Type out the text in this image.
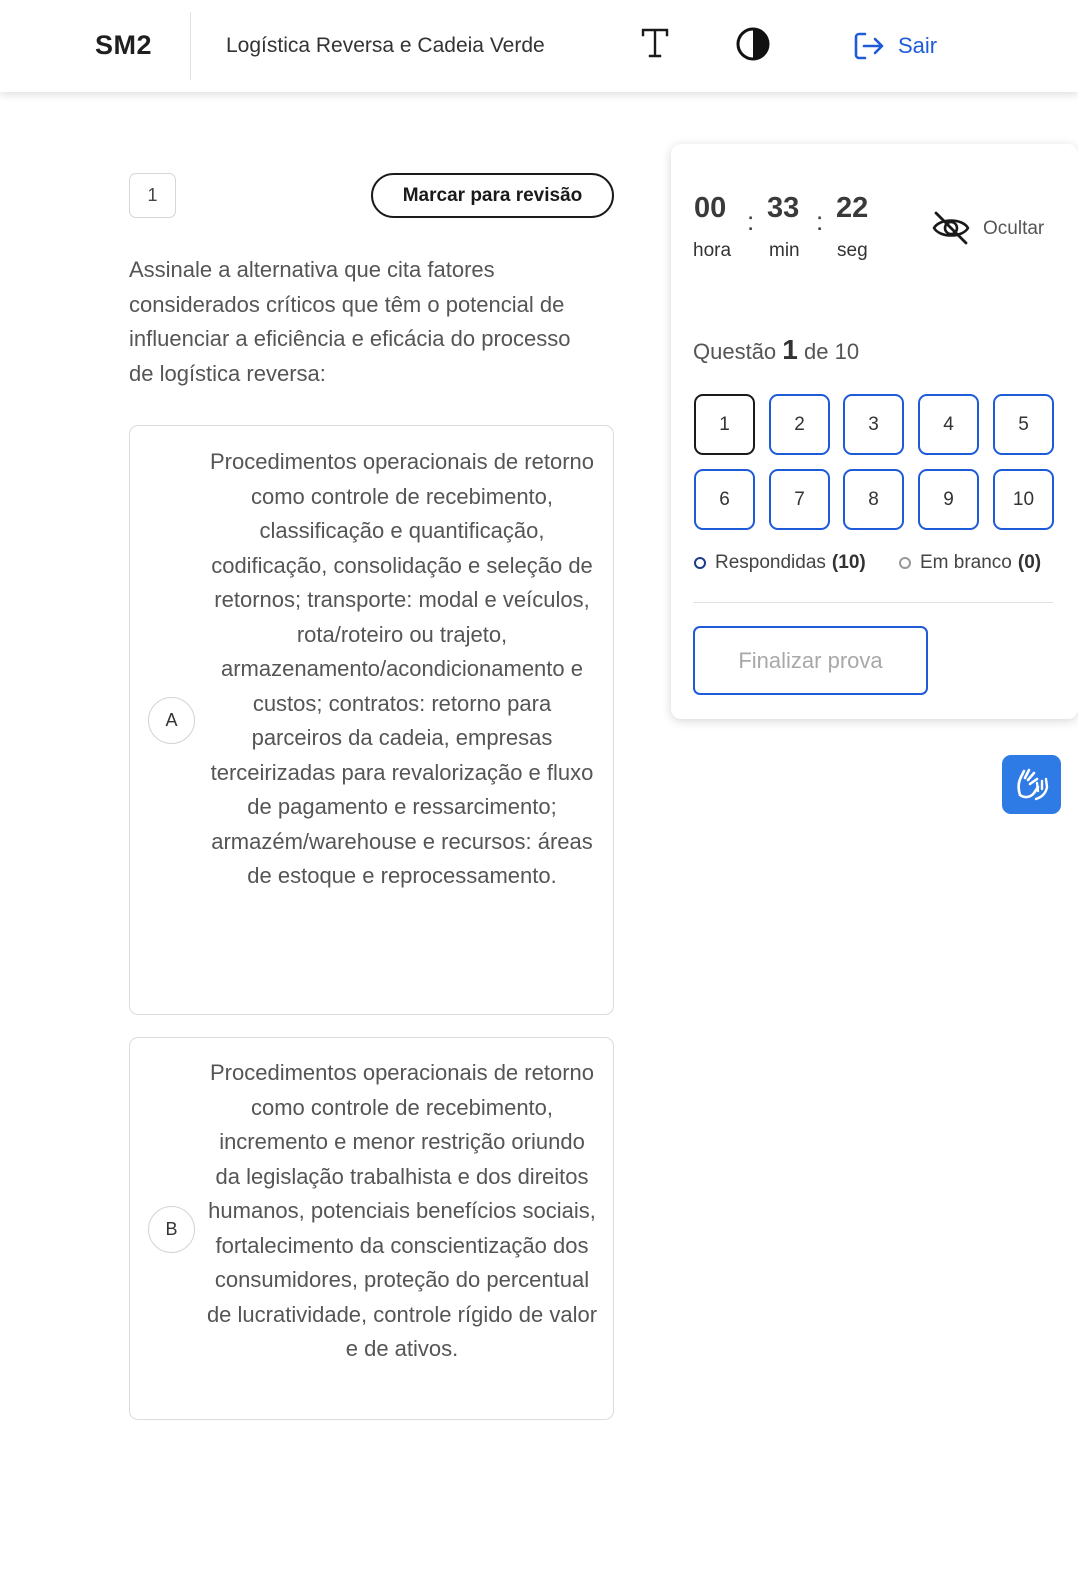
SM2	Logística Reversa e Cadeia Verde	Sair
1	Marcar para revisão
Assinale a alternativa que cita fatores considerados críticos que têm o potencial de influenciar a eficiência e eficácia do processo de logística reversa:
A
Procedimentos operacionais de retorno como controle de recebimento, classificação e quantificação, codificação, consolidação e seleção de retornos; transporte: modal e veículos, rota/roteiro ou trajeto, armazenamento/acondicionamento e custos; contratos: retorno para parceiros da cadeia, empresas terceirizadas para revalorização e fluxo de pagamento e ressarcimento; armazém/warehouse e recursos: áreas de estoque e reprocessamento.
B
Procedimentos operacionais de retorno como controle de recebimento, incremento e menor restrição oriundo da legislação trabalhista e dos direitos humanos, potenciais benefícios sociais, fortalecimento da conscientização dos consumidores, proteção do percentual de lucratividade, controle rígido de valor e de ativos.
00 : 33 : 22
hora min seg
Ocultar
Questão 1 de 10
1	2	3	4	5
6	7	8	9	10
Respondidas (10)	Em branco (0)
Finalizar prova
